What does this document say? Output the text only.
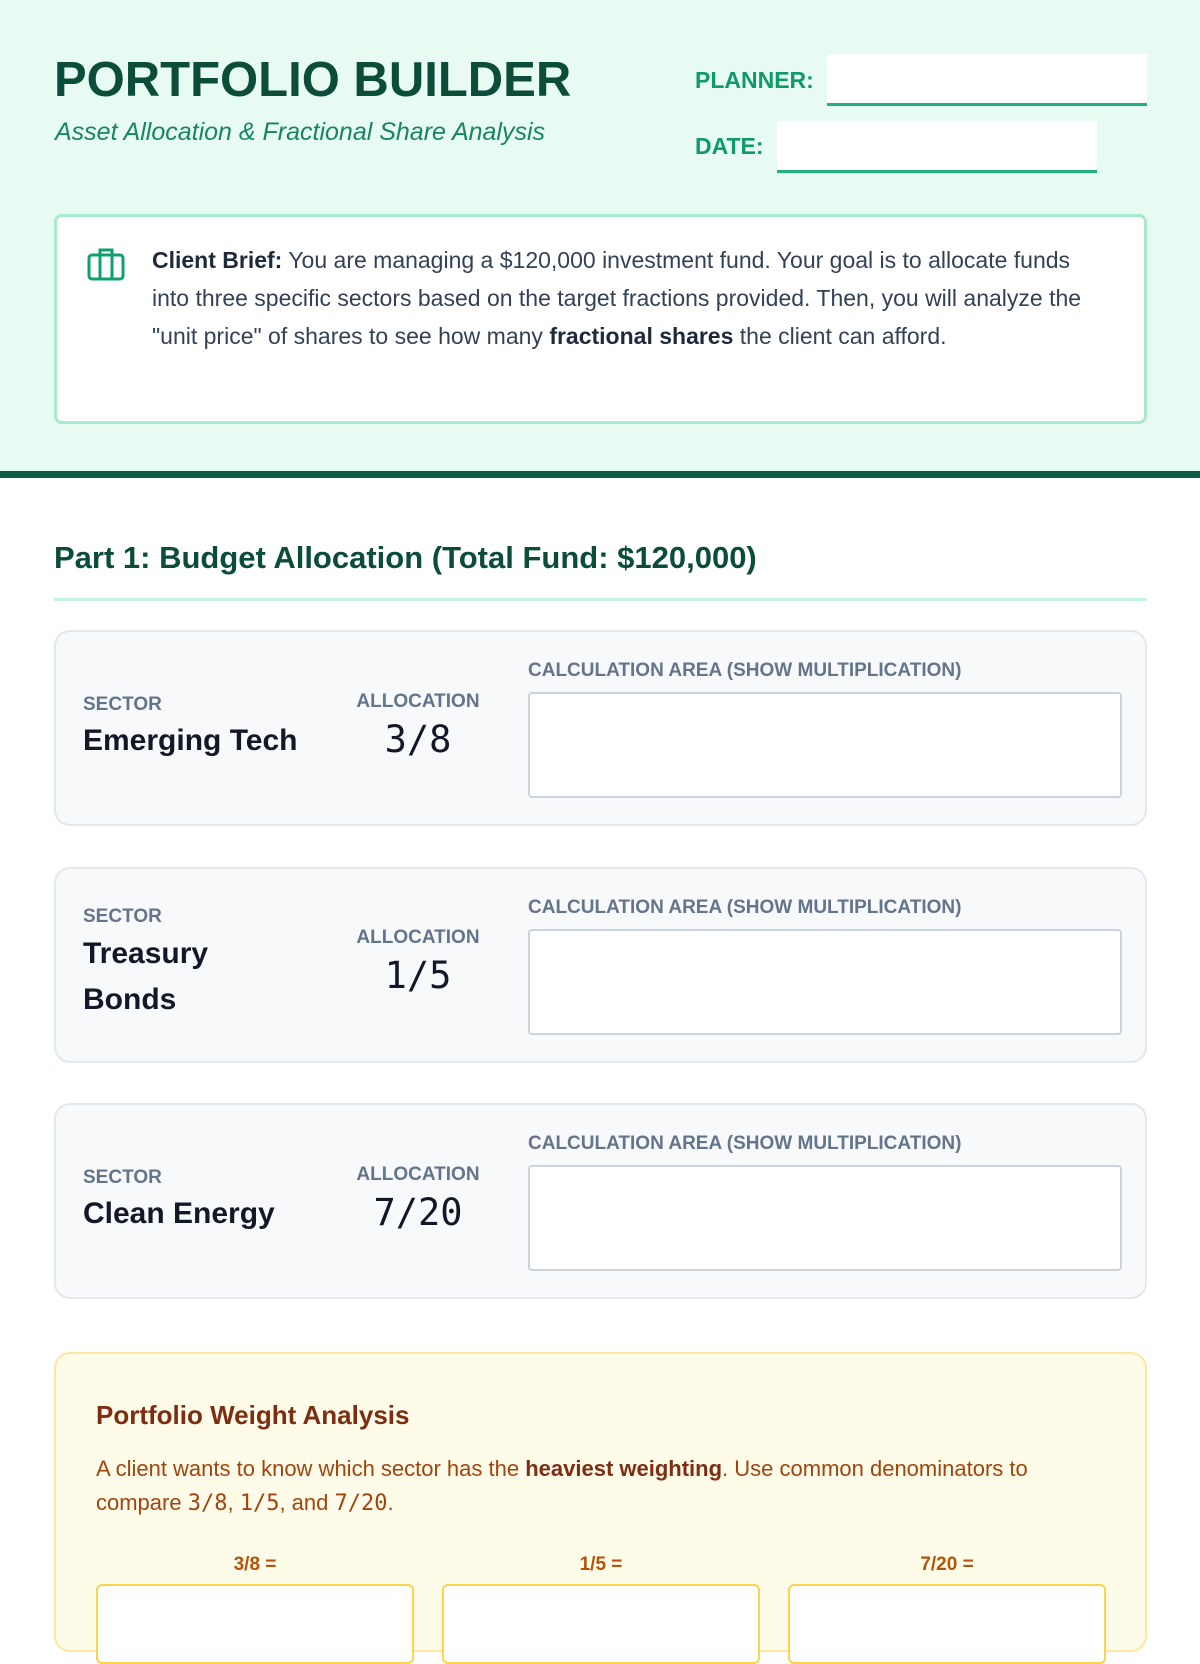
PORTFOLIO BUILDER
Asset Allocation & Fractional Share Analysis
PLANNER:
DATE:
Client Brief: You are managing a $120,000 investment fund. Your goal is to allocate funds into three specific sectors based on the target fractions provided. Then, you will analyze the "unit price" of shares to see how many fractional shares the client can afford.
Part 1: Budget Allocation (Total Fund: $120,000)
SECTOR
Emerging Tech
ALLOCATION
3/8
CALCULATION AREA (SHOW MULTIPLICATION)
SECTOR
Treasury Bonds
ALLOCATION
1/5
CALCULATION AREA (SHOW MULTIPLICATION)
SECTOR
Clean Energy
ALLOCATION
7/20
CALCULATION AREA (SHOW MULTIPLICATION)
Portfolio Weight Analysis
A client wants to know which sector has the heaviest weighting. Use common denominators to compare 3/8, 1/5, and 7/20.
3/8 =	1/5 =	7/20 =
